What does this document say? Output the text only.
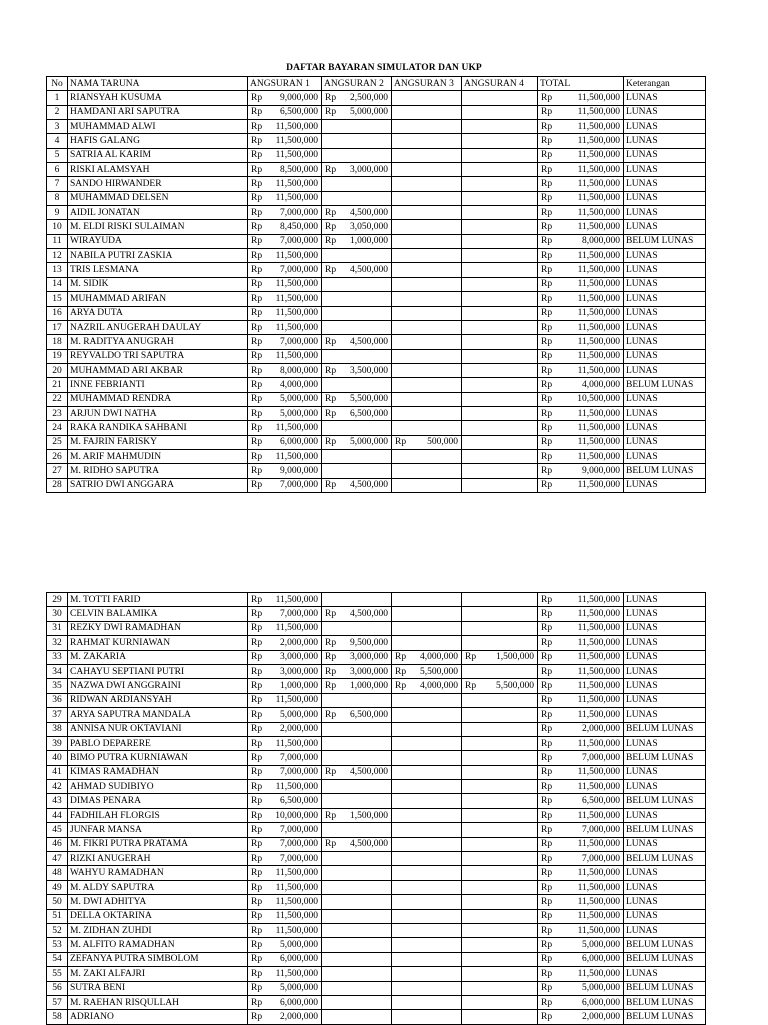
DAFTAR BAYARAN SIMULATOR DAN UKP
No	NAMA TARUNA	ANGSURAN 1	ANGSURAN 2	ANGSURAN 3	ANGSURAN 4	TOTAL	Keterangan
1	RIANSYAH KUSUMA	Rp 9,000,000	Rp 2,500,000			Rp 11,500,000	LUNAS
2	HAMDANI ARI SAPUTRA	Rp 6,500,000	Rp 5,000,000			Rp 11,500,000	LUNAS
3	MUHAMMAD ALWI	Rp 11,500,000				Rp 11,500,000	LUNAS
4	HAFIS GALANG	Rp 11,500,000				Rp 11,500,000	LUNAS
5	SATRIA AL KARIM	Rp 11,500,000				Rp 11,500,000	LUNAS
6	RISKI ALAMSYAH	Rp 8,500,000	Rp 3,000,000			Rp 11,500,000	LUNAS
7	SANDO HIRWANDER	Rp 11,500,000				Rp 11,500,000	LUNAS
8	MUHAMMAD DELSEN	Rp 11,500,000				Rp 11,500,000	LUNAS
9	AIDIL JONATAN	Rp 7,000,000	Rp 4,500,000			Rp 11,500,000	LUNAS
10	M. ELDI RISKI SULAIMAN	Rp 8,450,000	Rp 3,050,000			Rp 11,500,000	LUNAS
11	WIRAYUDA	Rp 7,000,000	Rp 1,000,000			Rp 8,000,000	BELUM LUNAS
12	NABILA PUTRI ZASKIA	Rp 11,500,000				Rp 11,500,000	LUNAS
13	TRIS LESMANA	Rp 7,000,000	Rp 4,500,000			Rp 11,500,000	LUNAS
14	M. SIDIK	Rp 11,500,000				Rp 11,500,000	LUNAS
15	MUHAMMAD ARIFAN	Rp 11,500,000				Rp 11,500,000	LUNAS
16	ARYA DUTA	Rp 11,500,000				Rp 11,500,000	LUNAS
17	NAZRIL ANUGERAH DAULAY	Rp 11,500,000				Rp 11,500,000	LUNAS
18	M. RADITYA ANUGRAH	Rp 7,000,000	Rp 4,500,000			Rp 11,500,000	LUNAS
19	REYVALDO TRI SAPUTRA	Rp 11,500,000				Rp 11,500,000	LUNAS
20	MUHAMMAD ARI AKBAR	Rp 8,000,000	Rp 3,500,000			Rp 11,500,000	LUNAS
21	INNE FEBRIANTI	Rp 4,000,000				Rp 4,000,000	BELUM LUNAS
22	MUHAMMAD RENDRA	Rp 5,000,000	Rp 5,500,000			Rp 10,500,000	LUNAS
23	ARJUN DWI NATHA	Rp 5,000,000	Rp 6,500,000			Rp 11,500,000	LUNAS
24	RAKA RANDIKA SAHBANI	Rp 11,500,000				Rp 11,500,000	LUNAS
25	M. FAJRIN FARISKY	Rp 6,000,000	Rp 5,000,000	Rp 500,000		Rp 11,500,000	LUNAS
26	M. ARIF MAHMUDIN	Rp 11,500,000				Rp 11,500,000	LUNAS
27	M. RIDHO SAPUTRA	Rp 9,000,000				Rp 9,000,000	BELUM LUNAS
28	SATRIO DWI ANGGARA	Rp 7,000,000	Rp 4,500,000			Rp 11,500,000	LUNAS
29	M. TOTTI FARID	Rp 11,500,000				Rp 11,500,000	LUNAS
30	CELVIN BALAMIKA	Rp 7,000,000	Rp 4,500,000			Rp 11,500,000	LUNAS
31	REZKY DWI RAMADHAN	Rp 11,500,000				Rp 11,500,000	LUNAS
32	RAHMAT KURNIAWAN	Rp 2,000,000	Rp 9,500,000			Rp 11,500,000	LUNAS
33	M. ZAKARIA	Rp 3,000,000	Rp 3,000,000	Rp 4,000,000	Rp 1,500,000	Rp 11,500,000	LUNAS
34	CAHAYU SEPTIANI PUTRI	Rp 3,000,000	Rp 3,000,000	Rp 5,500,000		Rp 11,500,000	LUNAS
35	NAZWA DWI ANGGRAINI	Rp 1,000,000	Rp 1,000,000	Rp 4,000,000	Rp 5,500,000	Rp 11,500,000	LUNAS
36	RIDWAN ARDIANSYAH	Rp 11,500,000				Rp 11,500,000	LUNAS
37	ARYA SAPUTRA MANDALA	Rp 5,000,000	Rp 6,500,000			Rp 11,500,000	LUNAS
38	ANNISA NUR OKTAVIANI	Rp 2,000,000				Rp 2,000,000	BELUM LUNAS
39	PABLO DEPARERE	Rp 11,500,000				Rp 11,500,000	LUNAS
40	BIMO PUTRA KURNIAWAN	Rp 7,000,000				Rp 7,000,000	BELUM LUNAS
41	KIMAS RAMADHAN	Rp 7,000,000	Rp 4,500,000			Rp 11,500,000	LUNAS
42	AHMAD SUDIBIYO	Rp 11,500,000				Rp 11,500,000	LUNAS
43	DIMAS PENARA	Rp 6,500,000				Rp 6,500,000	BELUM LUNAS
44	FADHILAH FLORGIS	Rp 10,000,000	Rp 1,500,000			Rp 11,500,000	LUNAS
45	JUNFAR MANSA	Rp 7,000,000				Rp 7,000,000	BELUM LUNAS
46	M. FIKRI PUTRA PRATAMA	Rp 7,000,000	Rp 4,500,000			Rp 11,500,000	LUNAS
47	RIZKI ANUGERAH	Rp 7,000,000				Rp 7,000,000	BELUM LUNAS
48	WAHYU RAMADHAN	Rp 11,500,000				Rp 11,500,000	LUNAS
49	M. ALDY SAPUTRA	Rp 11,500,000				Rp 11,500,000	LUNAS
50	M. DWI ADHITYA	Rp 11,500,000				Rp 11,500,000	LUNAS
51	DELLA OKTARINA	Rp 11,500,000				Rp 11,500,000	LUNAS
52	M. ZIDHAN ZUHDI	Rp 11,500,000				Rp 11,500,000	LUNAS
53	M. ALFITO RAMADHAN	Rp 5,000,000				Rp 5,000,000	BELUM LUNAS
54	ZEFANYA PUTRA SIMBOLOM	Rp 6,000,000				Rp 6,000,000	BELUM LUNAS
55	M. ZAKI ALFAJRI	Rp 11,500,000				Rp 11,500,000	LUNAS
56	SUTRA BENI	Rp 5,000,000				Rp 5,000,000	BELUM LUNAS
57	M. RAEHAN RISQULLAH	Rp 6,000,000				Rp 6,000,000	BELUM LUNAS
58	ADRIANO	Rp 2,000,000				Rp 2,000,000	BELUM LUNAS
